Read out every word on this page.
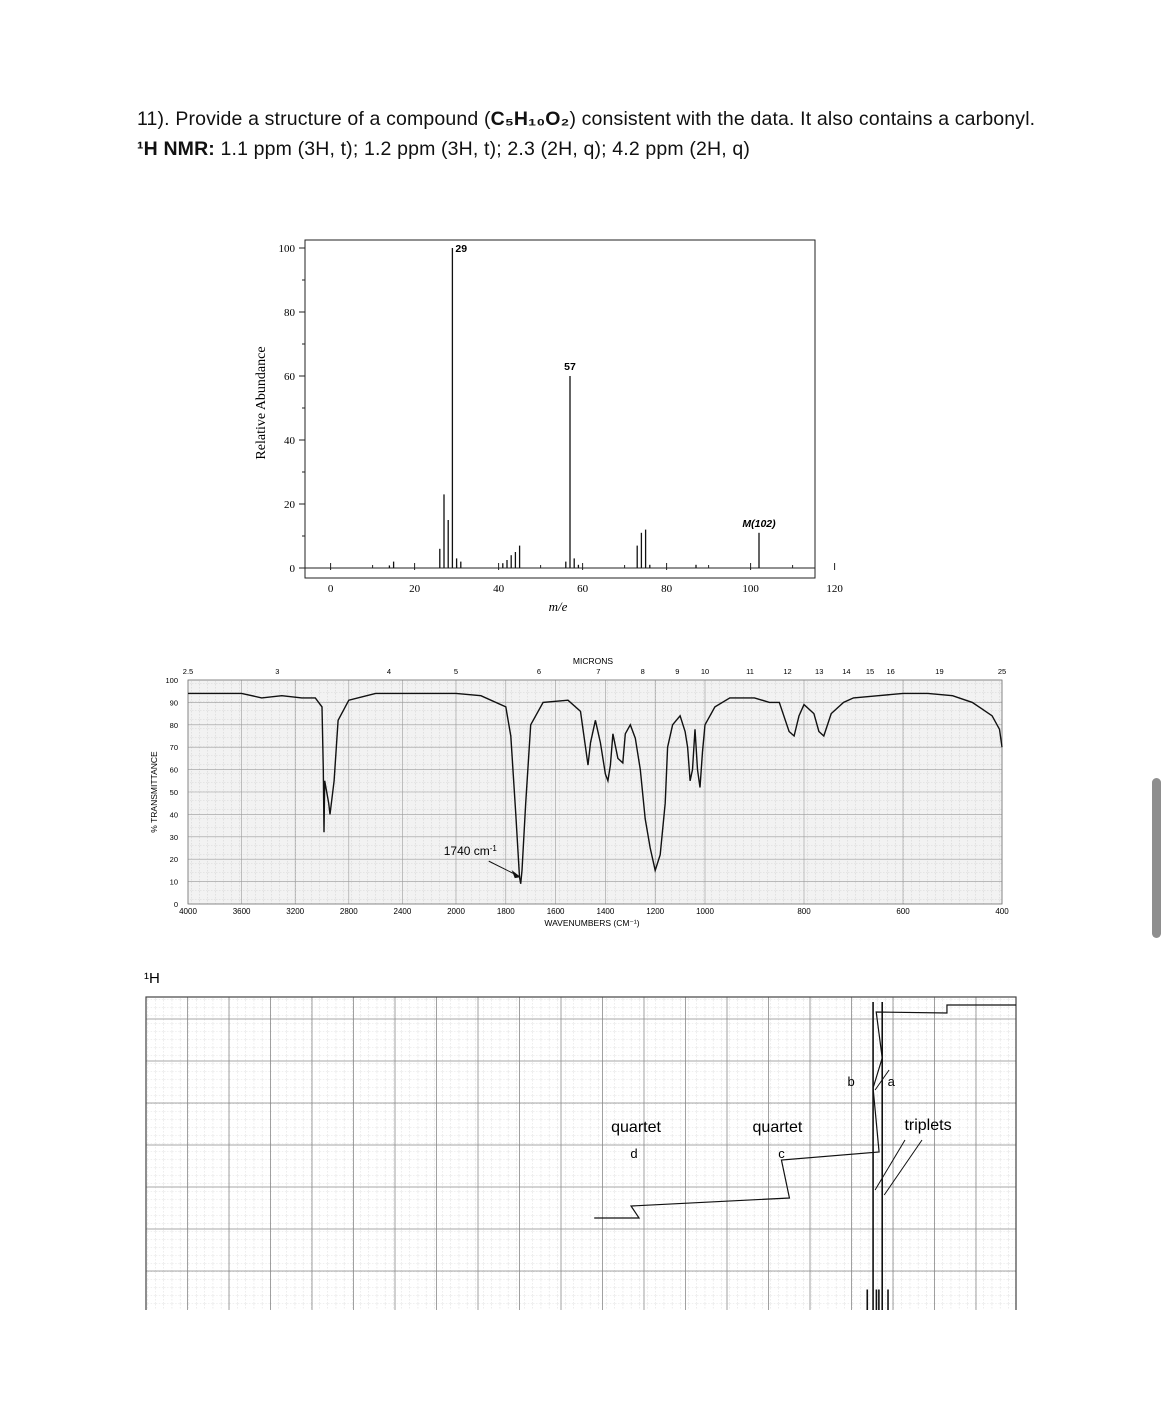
11). Provide a structure of a compound (C₅H₁₀O₂) consistent with the data. It also contains a carbonyl. ¹H NMR: 1.1 ppm (3H, t); 1.2 ppm (3H, t); 2.3 (2H, q); 4.2 ppm (2H, q)
Relative Abundance
m/e
0	20	40	60	80	100	120
0
20
40
60
80
100	29
57
M(102)
% TRANSMITTANCE
MICRONS
WAVENUMBERS (CM⁻¹)
0
10
20
30
40
50
60
70
80
90
100
4000	3600	3200	2800	2400	2000	1800	1600	1400	1200	1000	800	600	400
2.5	3	4	5	6	7	8	9	10	11	12	13	14 15 16	19	25
1740 $cm^{-1}$
¹H
quartet
d
quartet
c
b	a
triplets
